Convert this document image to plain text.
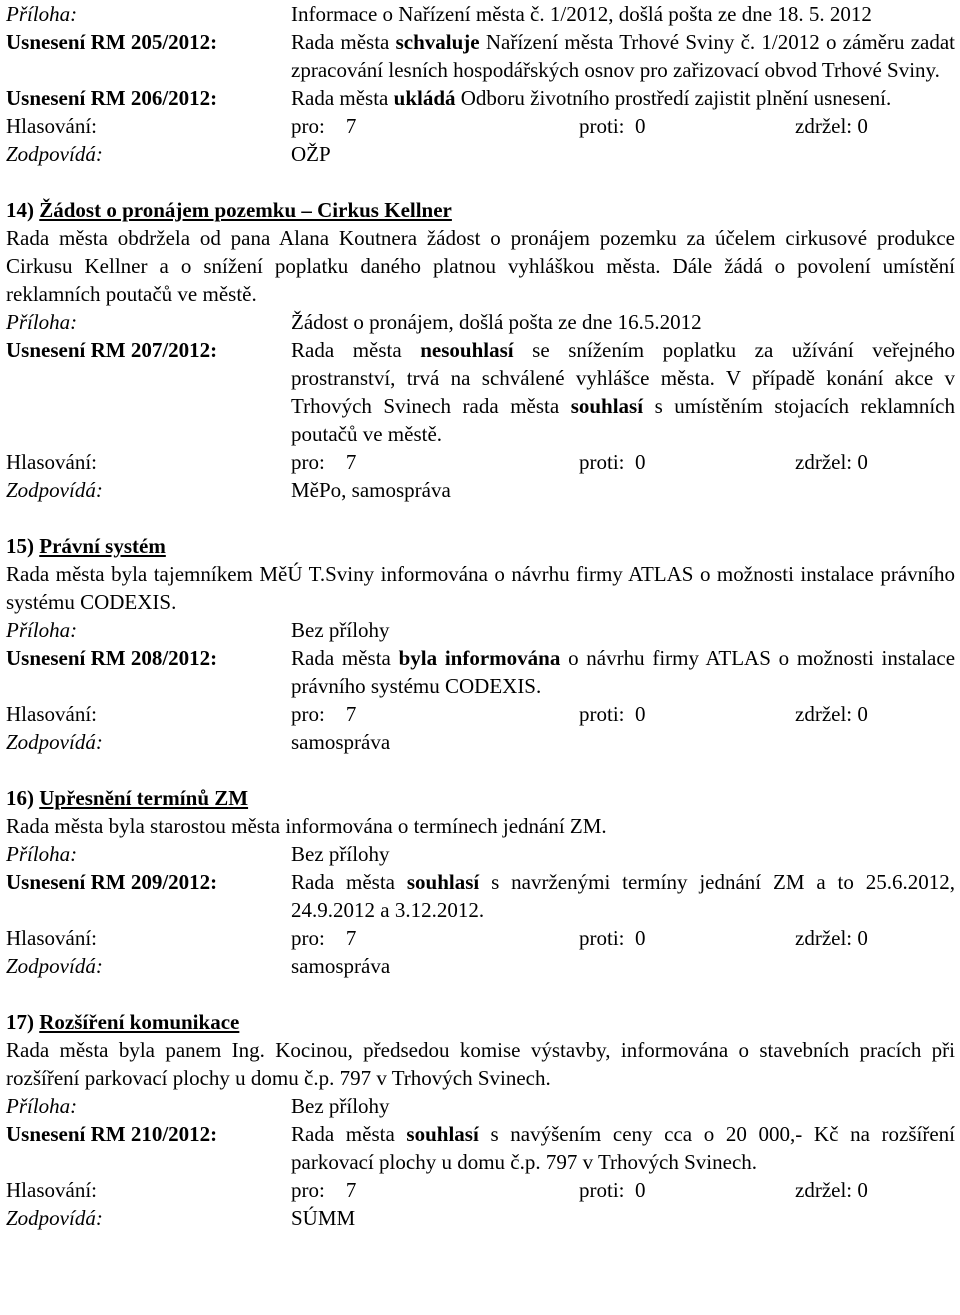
Příloha:	Informace o Nařízení města č. 1/2012, došlá pošta ze dne 18. 5. 2012
Usnesení RM 205/2012:	Rada města schvaluje Nařízení města Trhové Sviny č. 1/2012 o záměru zadat zpracování lesních hospodářských osnov pro zařizovací obvod Trhové Sviny.
Usnesení RM 206/2012:	Rada města ukládá Odboru životního prostředí zajistit plnění usnesení.
Hlasování:	pro:    7	proti:  0	zdržel: 0
Zodpovídá:	OŽP
14) Žádost o pronájem pozemku – Cirkus Kellner
Rada města obdržela od pana Alana Koutnera žádost o pronájem pozemku za účelem cirkusové produkce Cirkusu Kellner a o snížení poplatku daného platnou vyhláškou města. Dále žádá o povolení umístění reklamních poutačů ve městě.
Příloha:	Žádost o pronájem, došlá pošta ze dne 16.5.2012
Usnesení RM 207/2012:	Rada města nesouhlasí se snížením poplatku za užívání veřejného prostranství, trvá na schválené vyhlášce města. V případě konání akce v Trhových Svinech rada města souhlasí s umístěním stojacích reklamních poutačů ve městě.
Hlasování:	pro:    7	proti:  0	zdržel: 0
Zodpovídá:	MěPo, samospráva
15) Právní systém
Rada města byla tajemníkem MěÚ T.Sviny informována o návrhu firmy ATLAS o možnosti instalace právního systému CODEXIS.
Příloha:	Bez přílohy
Usnesení RM 208/2012:	Rada města byla informována o návrhu firmy ATLAS o možnosti instalace právního systému CODEXIS.
Hlasování:	pro:    7	proti:  0	zdržel: 0
Zodpovídá:	samospráva
16) Upřesnění termínů ZM
Rada města byla starostou města informována o termínech jednání ZM.
Příloha:	Bez přílohy
Usnesení RM 209/2012:	Rada města souhlasí s navrženými termíny jednání ZM a to 25.6.2012, 24.9.2012 a 3.12.2012.
Hlasování:	pro:    7	proti:  0	zdržel: 0
Zodpovídá:	samospráva
17) Rozšíření komunikace
Rada města byla panem Ing. Kocinou, předsedou komise výstavby, informována o stavebních pracích při rozšíření parkovací plochy u domu č.p. 797 v Trhových Svinech.
Příloha:	Bez přílohy
Usnesení RM 210/2012:	Rada města souhlasí s navýšením ceny cca o 20 000,- Kč na rozšíření parkovací plochy u domu č.p. 797 v Trhových Svinech.
Hlasování:	pro:    7	proti:  0	zdržel: 0
Zodpovídá:	SÚMM
